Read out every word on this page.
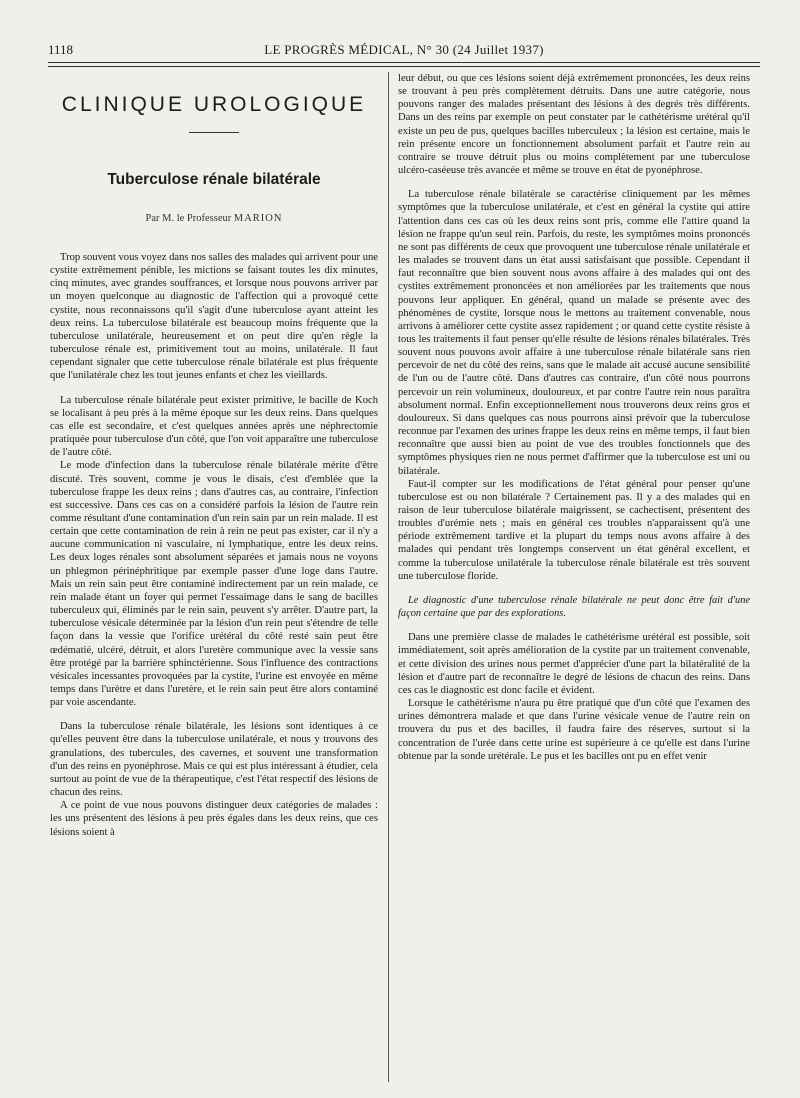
1118	LE PROGRÈS MÉDICAL, N° 30 (24 Juillet 1937)
CLINIQUE UROLOGIQUE
Tuberculose rénale bilatérale
Par M. le Professeur MARION

Trop souvent vous voyez dans nos salles des malades qui arrivent pour une cystite extrêmement pénible, les mictions se faisant toutes les dix minutes, cinq minutes, avec grandes souffrances, et lorsque nous pouvons arriver par un moyen quelconque au diagnostic de l'affection qui a provoqué cette cystite, nous reconnaissons qu'il s'agit d'une tuberculose ayant atteint les deux reins. La tuberculose bilatérale est beaucoup moins fréquente que la tuberculose unilatérale, heureusement et on peut dire qu'en règle la tuberculose rénale est, primitivement tout au moins, unilatérale. Il faut cependant signaler que cette tuberculose rénale bilatérale est plus fréquente que l'unilatérale chez les tout jeunes enfants et chez les vieillards.

La tuberculose rénale bilatérale peut exister primitive, le bacille de Koch se localisant à peu près à la même époque sur les deux reins. Dans quelques cas elle est secondaire, et c'est quelques années après une néphrectomie pratiquée pour tuberculose d'un côté, que l'on voit apparaître une tuberculose de l'autre côté.

Le mode d'infection dans la tuberculose rénale bilatérale mérite d'être discuté. Très souvent, comme je vous le disais, c'est d'emblée que la tuberculose frappe les deux reins ; dans d'autres cas, au contraire, l'infection est successive. Dans ces cas on a considéré parfois la lésion de l'autre rein comme résultant d'une contamination d'un rein sain par un rein malade. Il est certain que cette contamination de rein à rein ne peut pas exister, car il n'y a aucune communication ni vasculaire, ni lymphatique, entre les deux reins. Les deux loges rénales sont absolument séparées et jamais nous ne voyons un phlegmon périnéphritique par exemple passer d'une loge dans l'autre. Mais un rein sain peut être contaminé indirectement par un rein malade, ce rein malade étant un foyer qui permet l'essaimage dans le sang de bacilles tuberculeux qui, éliminés par le rein sain, peuvent s'y arrêter. D'autre part, la tuberculose vésicale déterminée par la lésion d'un rein peut s'étendre de telle façon dans la vessie que l'orifice urétéral du côté resté sain peut être œdématié, ulcéré, détruit, et alors l'uretère communique avec la vessie sans être protégé par la barrière sphinctérienne. Sous l'influence des contractions vésicales incessantes provoquées par la cystite, l'urine est envoyée en même temps dans l'urètre et dans l'uretère, et le rein sain peut être alors contaminé par voie ascendante.

Dans la tuberculose rénale bilatérale, les lésions sont identiques à ce qu'elles peuvent être dans la tuberculose unilatérale, et nous y trouvons des granulations, des tubercules, des cavernes, et souvent une transformation d'un des reins en pyonéphrose. Mais ce qui est plus intéressant à étudier, cela surtout au point de vue de la thérapeutique, c'est l'état respectif des lésions de chacun des reins.

A ce point de vue nous pouvons distinguer deux catégories de malades : les uns présentent des lésions à peu près égales dans les deux reins, que ces lésions soient à

leur début, ou que ces lésions soient déjà extrêmement prononcées, les deux reins se trouvant à peu près complètement détruits. Dans une autre catégorie, nous pouvons ranger des malades présentant des lésions à des degrés très différents. Dans un des reins par exemple on peut constater par le cathétérisme urétéral qu'il existe un peu de pus, quelques bacilles tuberculeux ; la lésion est certaine, mais le rein présente encore un fonctionnement absolument parfait et l'autre rein au contraire se trouve détruit plus ou moins complètement par une tuberculose ulcéro-caséeuse très avancée et même se trouve en état de pyonéphrose.

La tuberculose rénale bilatérale se caractérise cliniquement par les mêmes symptômes que la tuberculose unilatérale, et c'est en général la cystite qui attire l'attention dans ces cas où les deux reins sont pris, comme elle l'attire quand la lésion ne frappe qu'un seul rein. Parfois, du reste, les symptômes moins prononcés ne sont pas différents de ceux que provoquent une tuberculose rénale unilatérale et les malades se trouvent dans un état aussi satisfaisant que possible. Cependant il faut reconnaître que bien souvent nous avons affaire à des malades qui ont des cystites extrêmement prononcées et non améliorées par les traitements que nous pouvons leur appliquer. En général, quand un malade se présente avec des phénomènes de cystite, lorsque nous le mettons au traitement convenable, nous arrivons à améliorer cette cystite assez rapidement ; or quand cette cystite résiste à tous les traitements il faut penser qu'elle résulte de lésions rénales bilatérales. Très souvent nous pouvons avoir affaire à une tuberculose rénale bilatérale sans rien percevoir de net du côté des reins, sans que le malade ait accusé aucune sensibilité de l'un ou de l'autre côté. Dans d'autres cas contraire, d'un côté nous pourrons percevoir un rein volumineux, douloureux, et par contre l'autre rein nous paraîtra absolument normal. Enfin exceptionnellement nous trouverons deux reins gros et douloureux. Si dans quelques cas nous pourrons ainsi prévoir que la tuberculose reconnue par l'examen des urines frappe les deux reins en même temps, il faut bien reconnaître que aussi bien au point de vue des troubles fonctionnels que des symptômes physiques rien ne nous permet d'affirmer que la tuberculose est uni ou bilatérale.

Faut-il compter sur les modifications de l'état général pour penser qu'une tuberculose est ou non bilatérale ? Certainement pas. Il y a des malades qui en raison de leur tuberculose bilatérale maigrissent, se cachectisent, présentent des troubles d'urémie nets ; mais en général ces troubles n'apparaissent qu'à une période extrêmement tardive et la plupart du temps nous avons affaire à des malades qui pendant très longtemps conservent un état général excellent, et comme la tuberculose unilatérale la tuberculose rénale bilatérale est très souvent une tuberculose floride.

Le diagnostic d'une tuberculose rénale bilatérale ne peut donc être fait d'une façon certaine que par des explorations.

Dans une première classe de malades le cathétérisme urétéral est possible, soit immédiatement, soit après amélioration de la cystite par un traitement convenable, et cette division des urines nous permet d'apprécier d'une part la bilatéralité de la lésion et d'autre part de reconnaître le degré de lésions de chacun des reins. Dans ces cas le diagnostic est donc facile et évident.

Lorsque le cathétérisme n'aura pu être pratiqué que d'un côté que l'examen des urines démontrera malade et que dans l'urine vésicale venue de l'autre rein on trouvera du pus et des bacilles, il faudra faire des réserves, surtout si la concentration de l'urée dans cette urine est supérieure à ce qu'elle est dans l'urine obtenue par la sonde urétérale. Le pus et les bacilles ont pu en effet venir
